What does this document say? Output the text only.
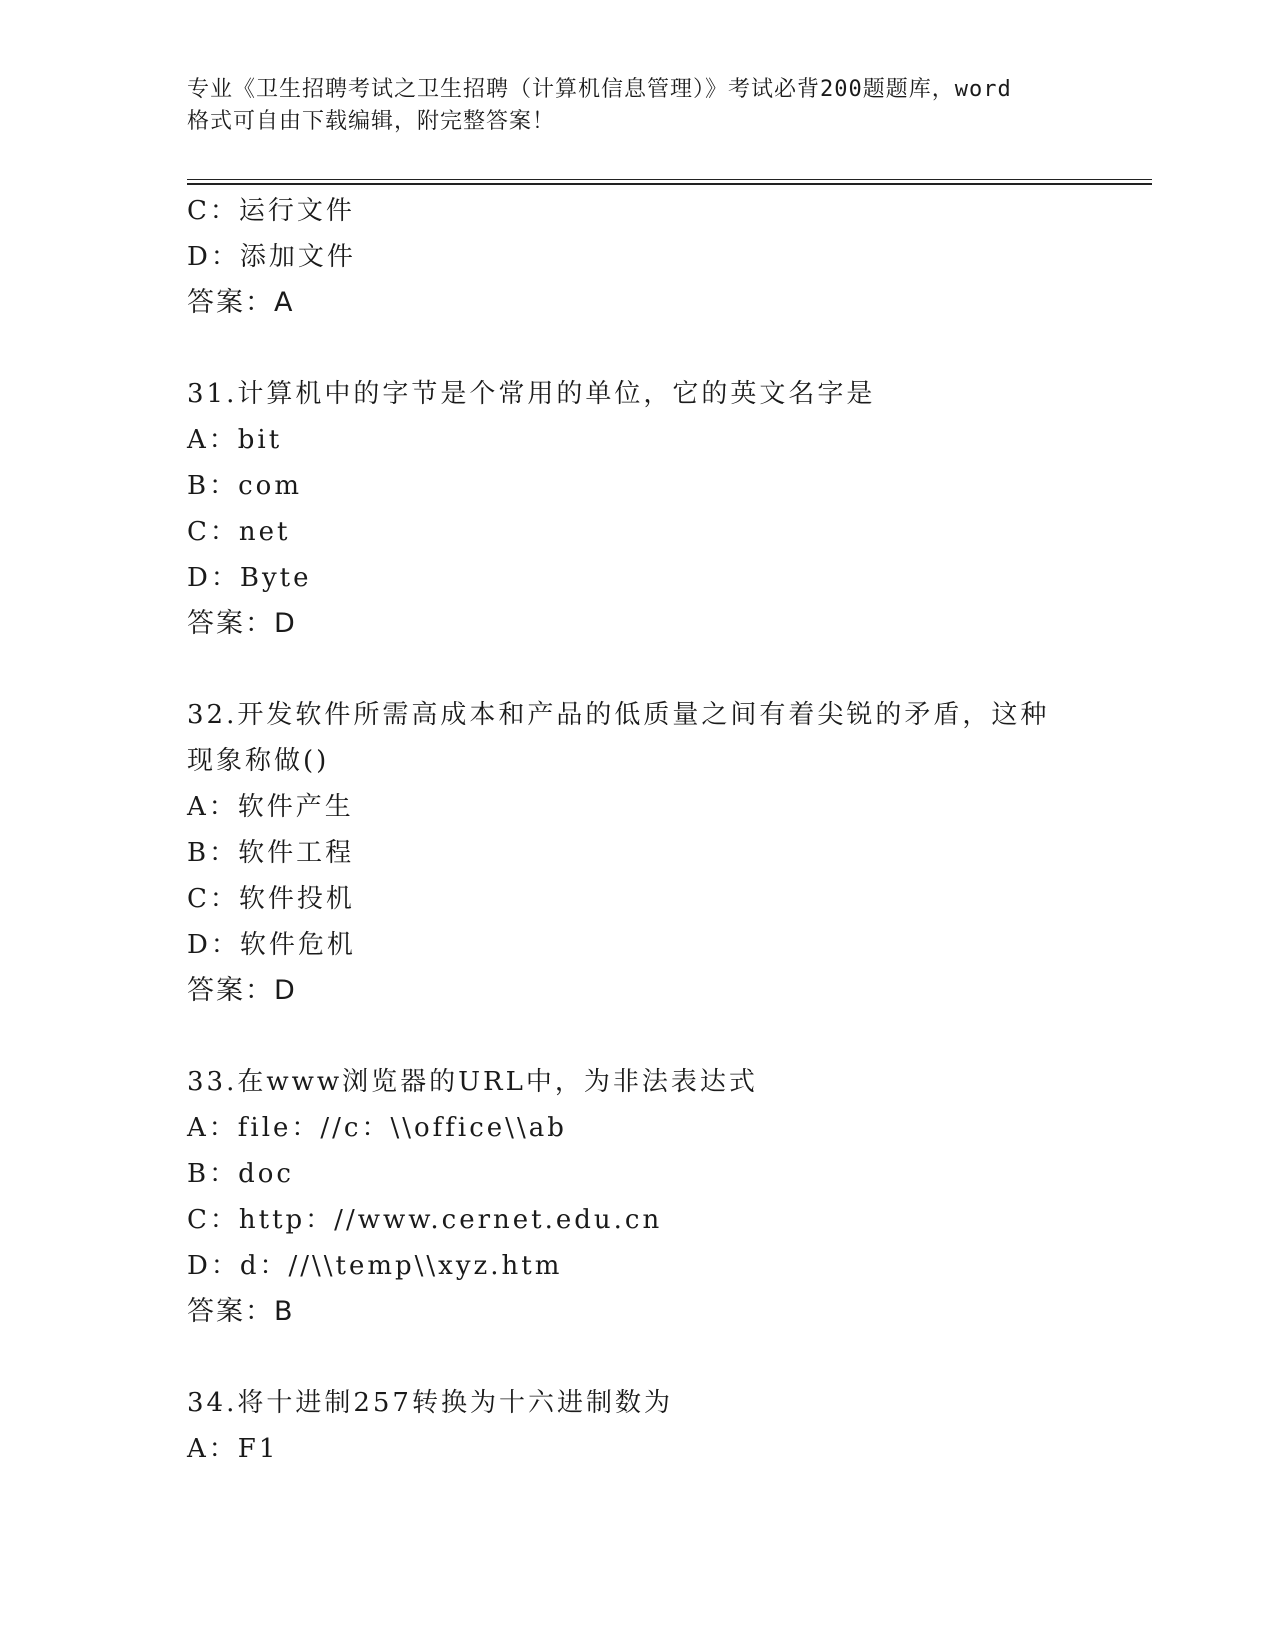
专业《卫生招聘考试之卫生招聘（计算机信息管理）》考试必背200题题库，word
格式可自由下载编辑，附完整答案！
C：运行文件
D：添加文件
答案：A
31.计算机中的字节是个常用的单位，它的英文名字是
A：bit
B：com
C：net
D：Byte
答案：D
32.开发软件所需高成本和产品的低质量之间有着尖锐的矛盾，这种现象称做()
A：软件产生
B：软件工程
C：软件投机
D：软件危机
答案：D
33.在www浏览器的URL中，为非法表达式
A：file：//c：\\office\\ab
B：doc
C：http：//www.cernet.edu.cn
D：d：//\\temp\\xyz.htm
答案：B
34.将十进制257转换为十六进制数为
A：F1
